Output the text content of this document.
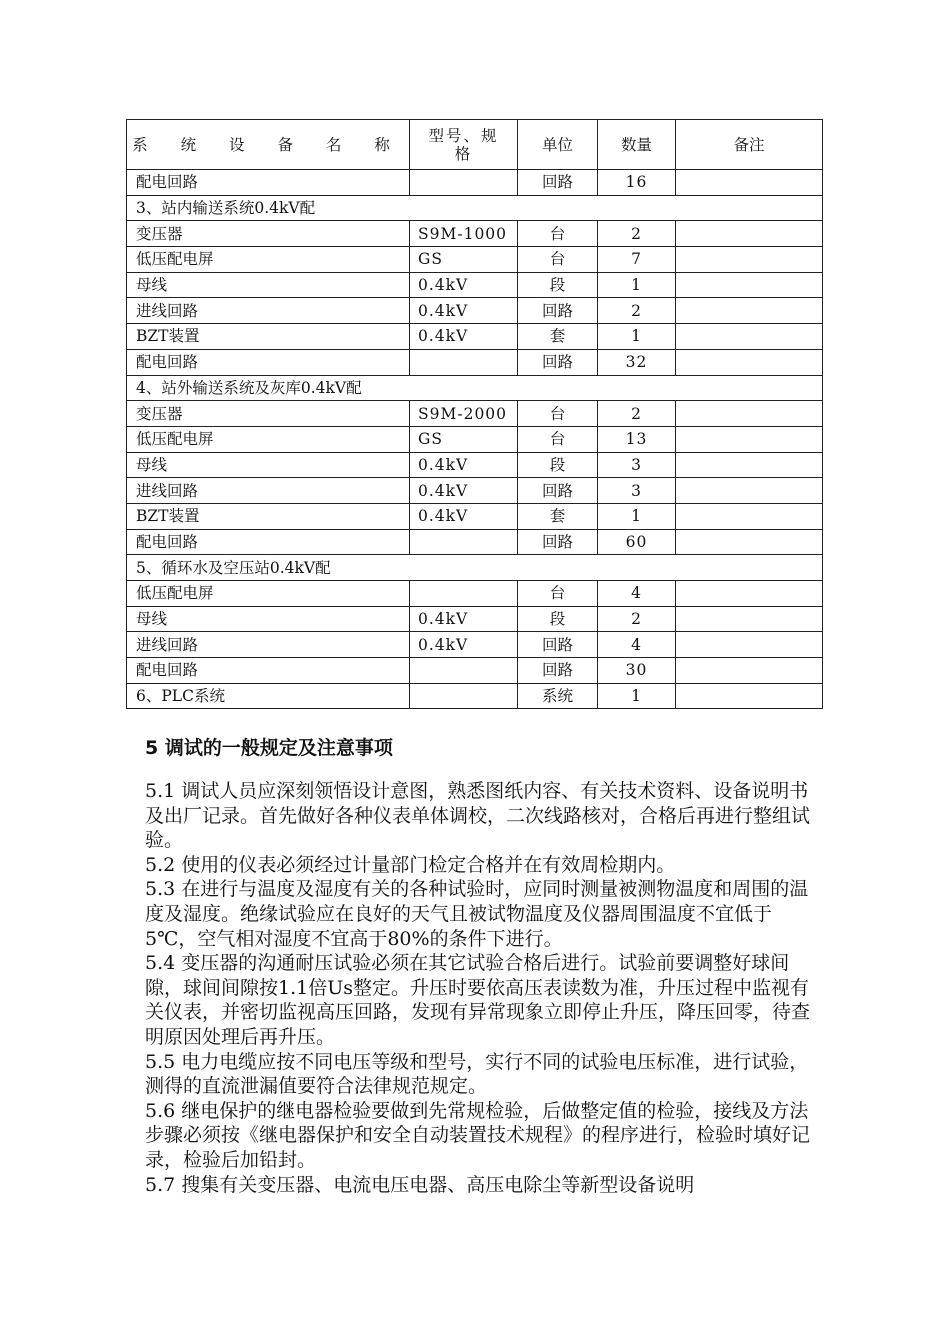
系 统 设 备 名 称	型号、规格	单位	数量	备注
配电回路		回路	16	
3、站内输送系统0.4kV配				
变压器	S9M-1000	台	2	
低压配电屏	GS	台	7	
母线	0.4kV	段	1	
进线回路	0.4kV	回路	2	
BZT装置	0.4kV	套	1	
配电回路		回路	32	
4、站外输送系统及灰库0.4kV配				
变压器	S9M-2000	台	2	
低压配电屏	GS	台	13	
母线	0.4kV	段	3	
进线回路	0.4kV	回路	3	
BZT装置	0.4kV	套	1	
配电回路		回路	60	
5、循环水及空压站0.4kV配				
低压配电屏		台	4	
母线	0.4kV	段	2	
进线回路	0.4kV	回路	4	
配电回路		回路	30	
6、PLC系统		系统	1	
5 调试的一般规定及注意事项

5.1 调试人员应深刻领悟设计意图，熟悉图纸内容、有关技术资料、设备说明书及出厂记录。首先做好各种仪表单体调校，二次线路核对，合格后再进行整组试验。

5.2 使用的仪表必须经过计量部门检定合格并在有效周检期内。

5.3 在进行与温度及湿度有关的各种试验时，应同时测量被测物温度和周围的温度及湿度。绝缘试验应在良好的天气且被试物温度及仪器周围温度不宜低于5℃，空气相对湿度不宜高于80%的条件下进行。

5.4 变压器的沟通耐压试验必须在其它试验合格后进行。试验前要调整好球间隙，球间间隙按1.1倍Us整定。升压时要依高压表读数为准，升压过程中监视有关仪表，并密切监视高压回路，发现有异常现象立即停止升压，降压回零，待查明原因处理后再升压。

5.5 电力电缆应按不同电压等级和型号，实行不同的试验电压标准，进行试验，测得的直流泄漏值要符合法律规范规定。

5.6 继电保护的继电器检验要做到先常规检验，后做整定值的检验，接线及方法步骤必须按《继电器保护和安全自动装置技术规程》的程序进行，检验时填好记录，检验后加铅封。

5.7 搜集有关变压器、电流电压电器、高压电除尘等新型设备说明
